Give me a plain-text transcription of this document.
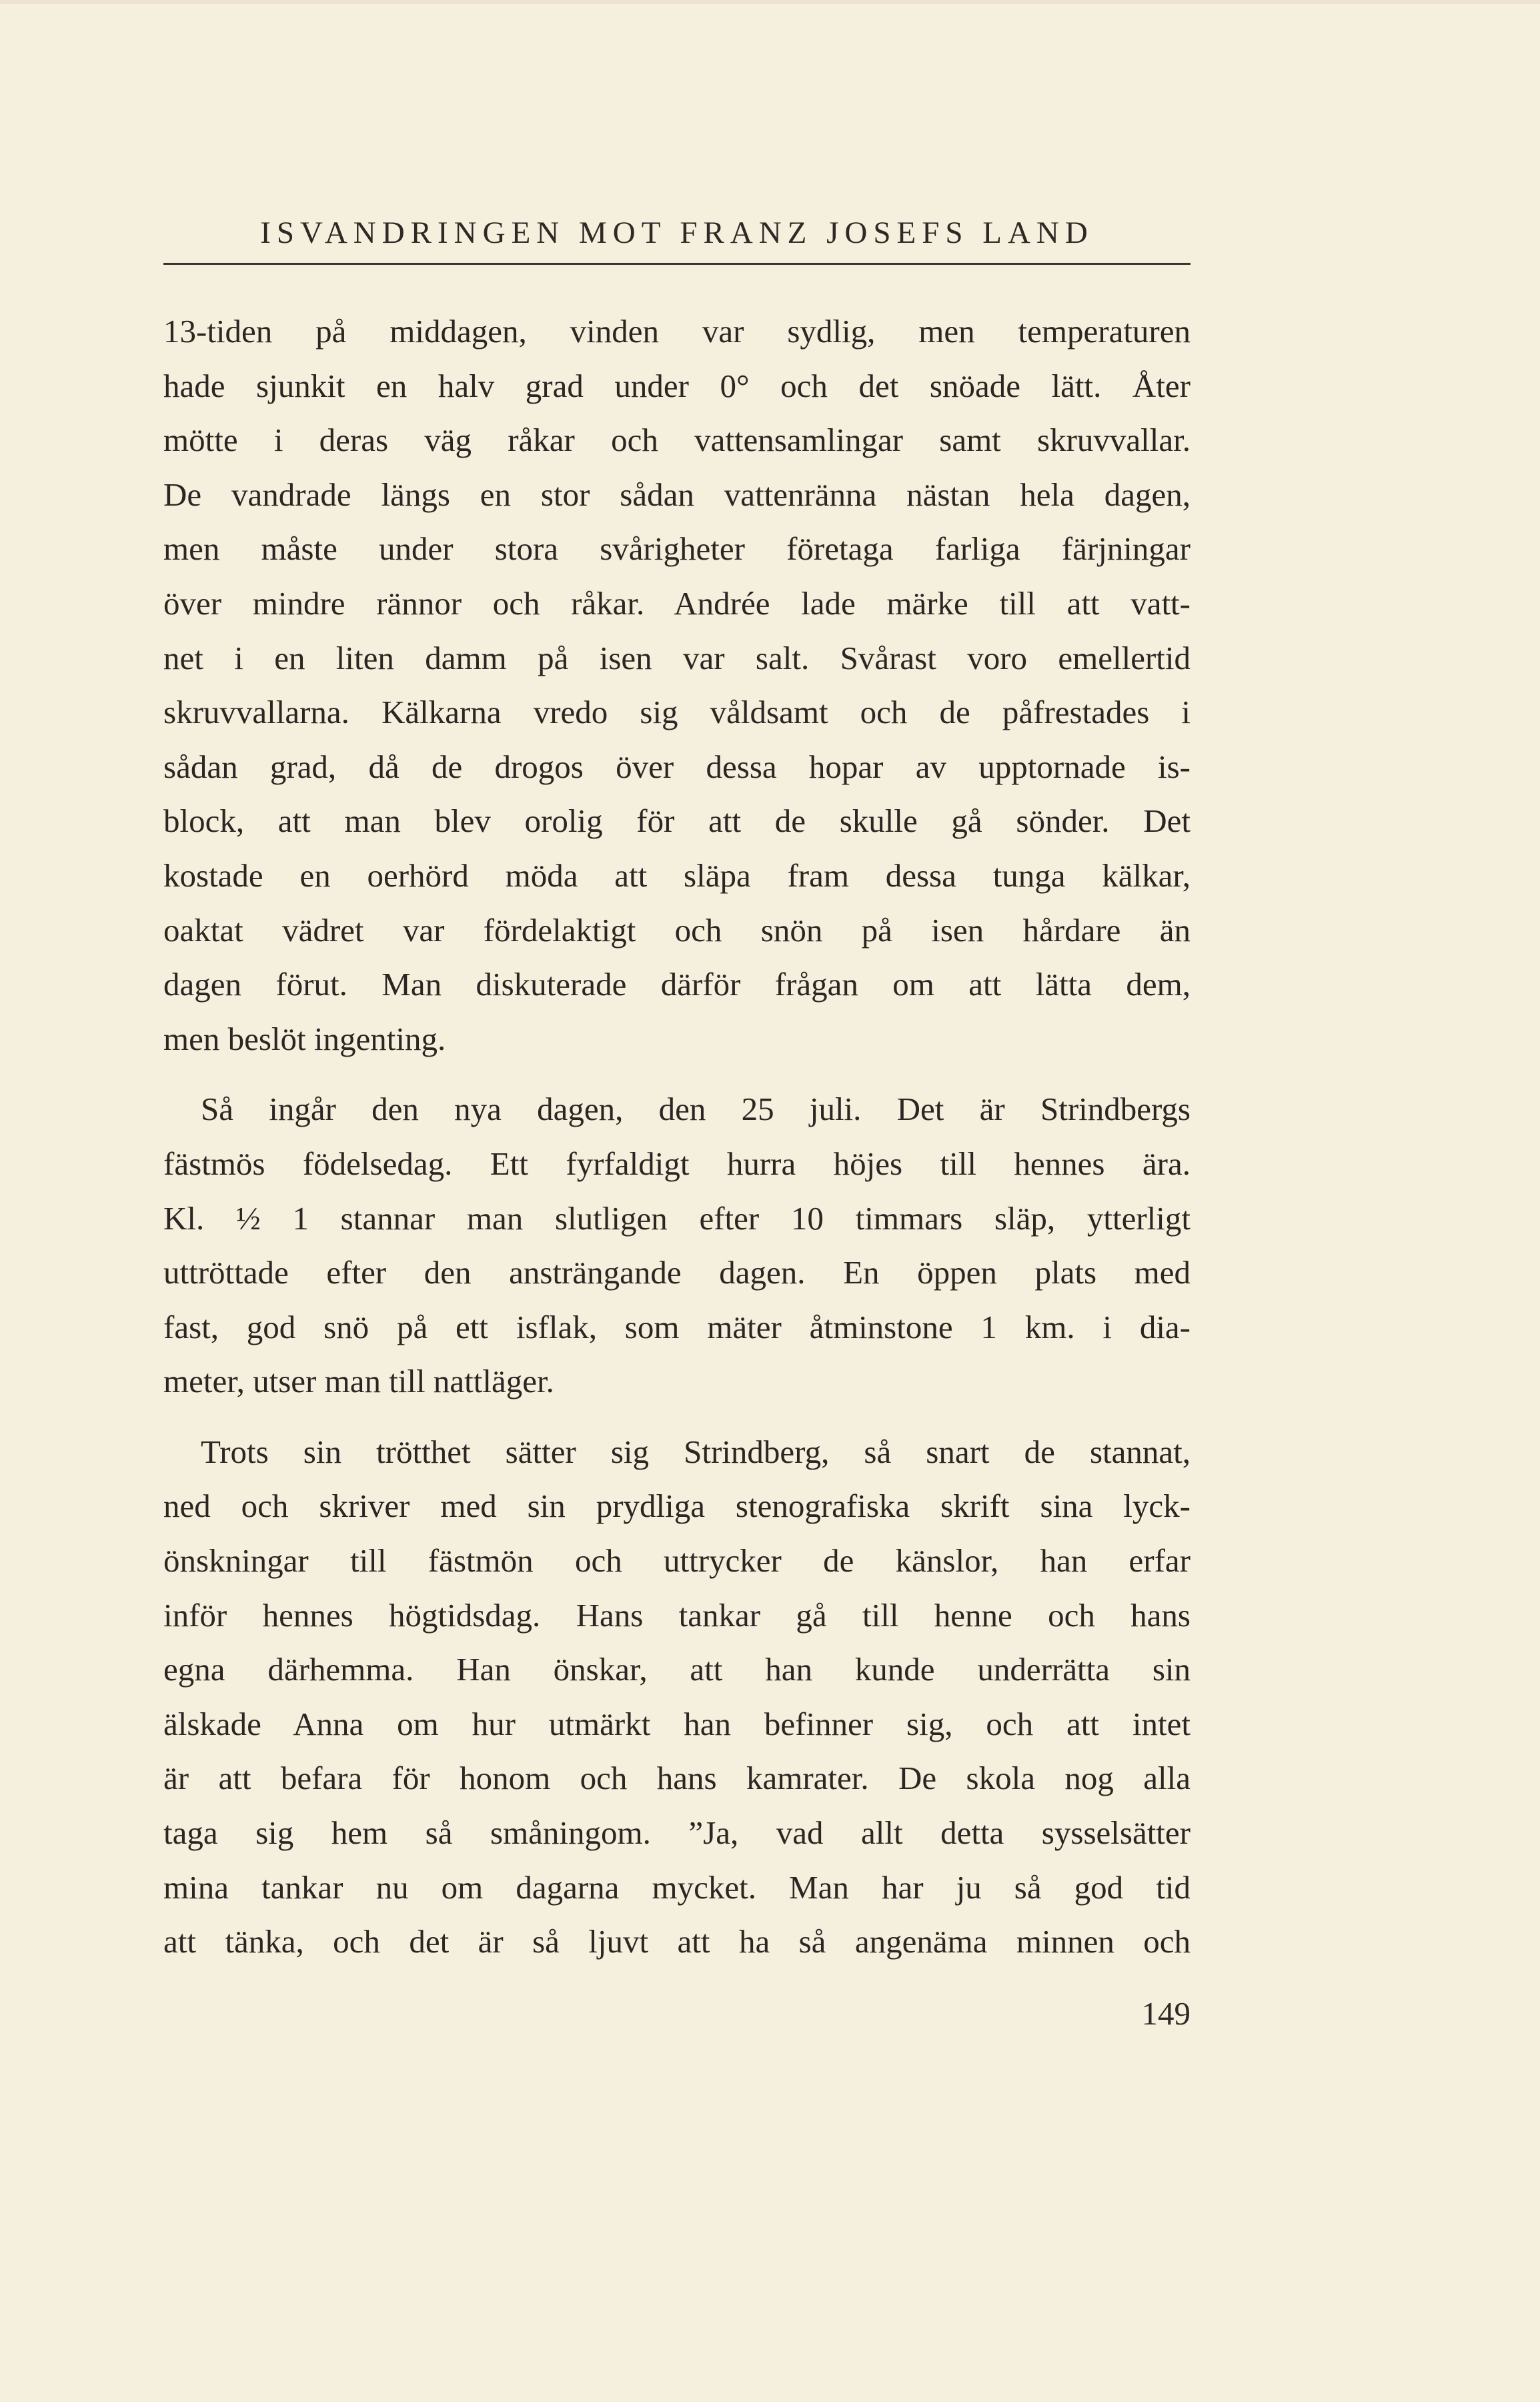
ISVANDRINGEN MOT FRANZ JOSEFS LAND

13-tiden på middagen, vinden var sydlig, men temperaturen
hade sjunkit en halv grad under 0° och det snöade lätt. Åter
mötte i deras väg råkar och vattensamlingar samt skruvvallar.
De vandrade längs en stor sådan vattenränna nästan hela dagen,
men måste under stora svårigheter företaga farliga färjningar
över mindre rännor och råkar. Andrée lade märke till att vatt-
net i en liten damm på isen var salt. Svårast voro emellertid
skruvvallarna. Kälkarna vredo sig våldsamt och de påfrestades i
sådan grad, då de drogos över dessa hopar av upptornade is-
block, att man blev orolig för att de skulle gå sönder. Det
kostade en oerhörd möda att släpa fram dessa tunga kälkar,
oaktat vädret var fördelaktigt och snön på isen hårdare än
dagen förut. Man diskuterade därför frågan om att lätta dem,
men beslöt ingenting.

Så ingår den nya dagen, den 25 juli. Det är Strindbergs
fästmös födelsedag. Ett fyrfaldigt hurra höjes till hennes ära.
Kl. ½ 1 stannar man slutligen efter 10 timmars släp, ytterligt
uttröttade efter den ansträngande dagen. En öppen plats med
fast, god snö på ett isflak, som mäter åtminstone 1 km. i dia-
meter, utser man till nattläger.

Trots sin trötthet sätter sig Strindberg, så snart de stannat,
ned och skriver med sin prydliga stenografiska skrift sina lyck-
önskningar till fästmön och uttrycker de känslor, han erfar
inför hennes högtidsdag. Hans tankar gå till henne och hans
egna därhemma. Han önskar, att han kunde underrätta sin
älskade Anna om hur utmärkt han befinner sig, och att intet
är att befara för honom och hans kamrater. De skola nog alla
taga sig hem så småningom. ”Ja, vad allt detta sysselsätter
mina tankar nu om dagarna mycket. Man har ju så god tid
att tänka, och det är så ljuvt att ha så angenäma minnen och

149
